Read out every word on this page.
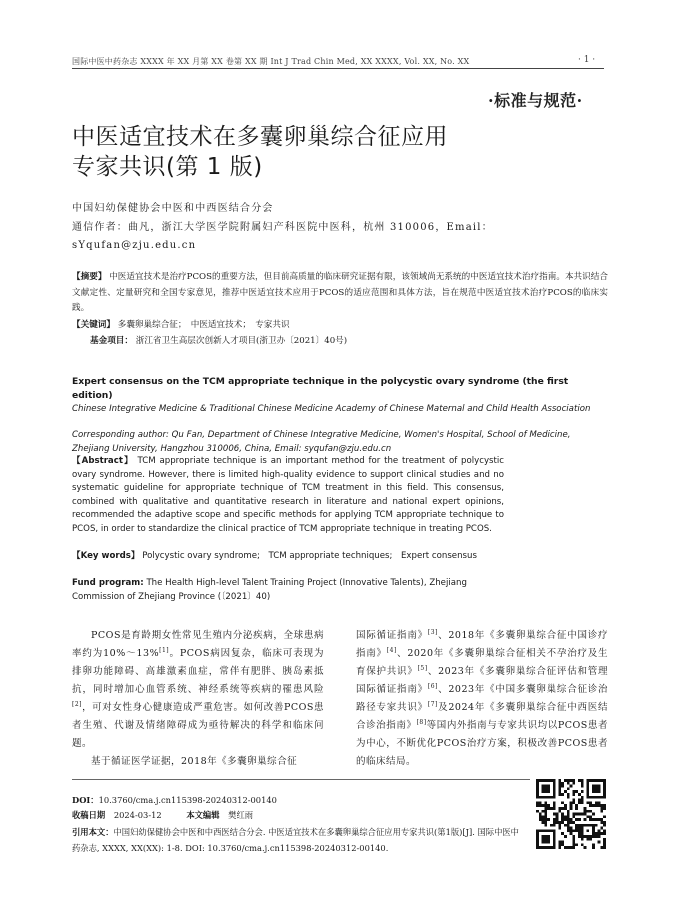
国际中医中药杂志 XXXX 年 XX 月第 XX 卷第 XX 期 Int J Trad Chin Med, XX XXXX, Vol. XX, No. XX	· 1 ·
·标准与规范·
中医适宜技术在多囊卵巢综合征应用
专家共识(第 1 版)
中国妇幼保健协会中医和中西医结合分会
通信作者：曲凡，浙江大学医学院附属妇产科医院中医科，杭州 310006，Email：sYqufan@zju.edu.cn
【摘要】 中医适宜技术是治疗PCOS的重要方法，但目前高质量的临床研究证据有限，该领域尚无系统的中医适宜技术治疗指南。本共识结合文献定性、定量研究和全国专家意见，推荐中医适宜技术应用于PCOS的适应范围和具体方法，旨在规范中医适宜技术治疗PCOS的临床实践。
【关键词】 多囊卵巢综合征；　中医适宜技术；　专家共识
基金项目： 浙江省卫生高层次创新人才项目(浙卫办〔2021〕40号)
Expert consensus on the TCM appropriate technique in the polycystic ovary syndrome (the first edition)
Chinese Integrative Medicine & Traditional Chinese Medicine Academy of Chinese Maternal and Child Health Association
Corresponding author: Qu Fan, Department of Chinese Integrative Medicine, Women's Hospital, School of Medicine, Zhejiang University, Hangzhou 310006, China, Email: syqufan@zju.edu.cn
【Abstract】 TCM appropriate technique is an important method for the treatment of polycystic ovary syndrome. However, there is limited high-quality evidence to support clinical studies and no systematic guideline for appropriate technique of TCM treatment in this field. This consensus, combined with qualitative and quantitative research in literature and national expert opinions, recommended the adaptive scope and specific methods for applying TCM appropriate technique to PCOS, in order to standardize the clinical practice of TCM appropriate technique in treating PCOS.
【Key words】 Polycystic ovary syndrome;　TCM appropriate techniques;　Expert consensus
Fund program: The Health High-level Talent Training Project (Innovative Talents), Zhejiang Commission of Zhejiang Province (〔2021〕40)
PCOS是育龄期女性常见生殖内分泌疾病，全球患病率约为10%～13%[1]。PCOS病因复杂，临床可表现为排卵功能障碍、高雄激素血症，常伴有肥胖、胰岛素抵抗，同时增加心血管系统、神经系统等疾病的罹患风险[2]，可对女性身心健康造成严重危害。如何改善PCOS患者生殖、代谢及情绪障碍成为亟待解决的科学和临床问题。
基于循证医学证据，2018年《多囊卵巢综合征
国际循证指南》[3]、2018年《多囊卵巢综合征中国诊疗指南》[4]、2020年《多囊卵巢综合征相关不孕治疗及生育保护共识》[5]、2023年《多囊卵巢综合征评估和管理国际循证指南》[6]、2023年《中国多囊卵巢综合征诊治路径专家共识》[7]及2024年《多囊卵巢综合征中西医结合诊治指南》[8]等国内外指南与专家共识均以PCOS患者为中心，不断优化PCOS治疗方案，积极改善PCOS患者的临床结局。
DOI：10.3760/cma.j.cn115398-20240312-00140
收稿日期 2024-03-12	本文编辑 樊红雨
引用本文：中国妇幼保健协会中医和中西医结合分会. 中医适宜技术在多囊卵巢综合征应用专家共识(第1版)[J]. 国际中医中药杂志, XXXX, XX(XX): 1-8. DOI: 10.3760/cma.j.cn115398-20240312-00140.
